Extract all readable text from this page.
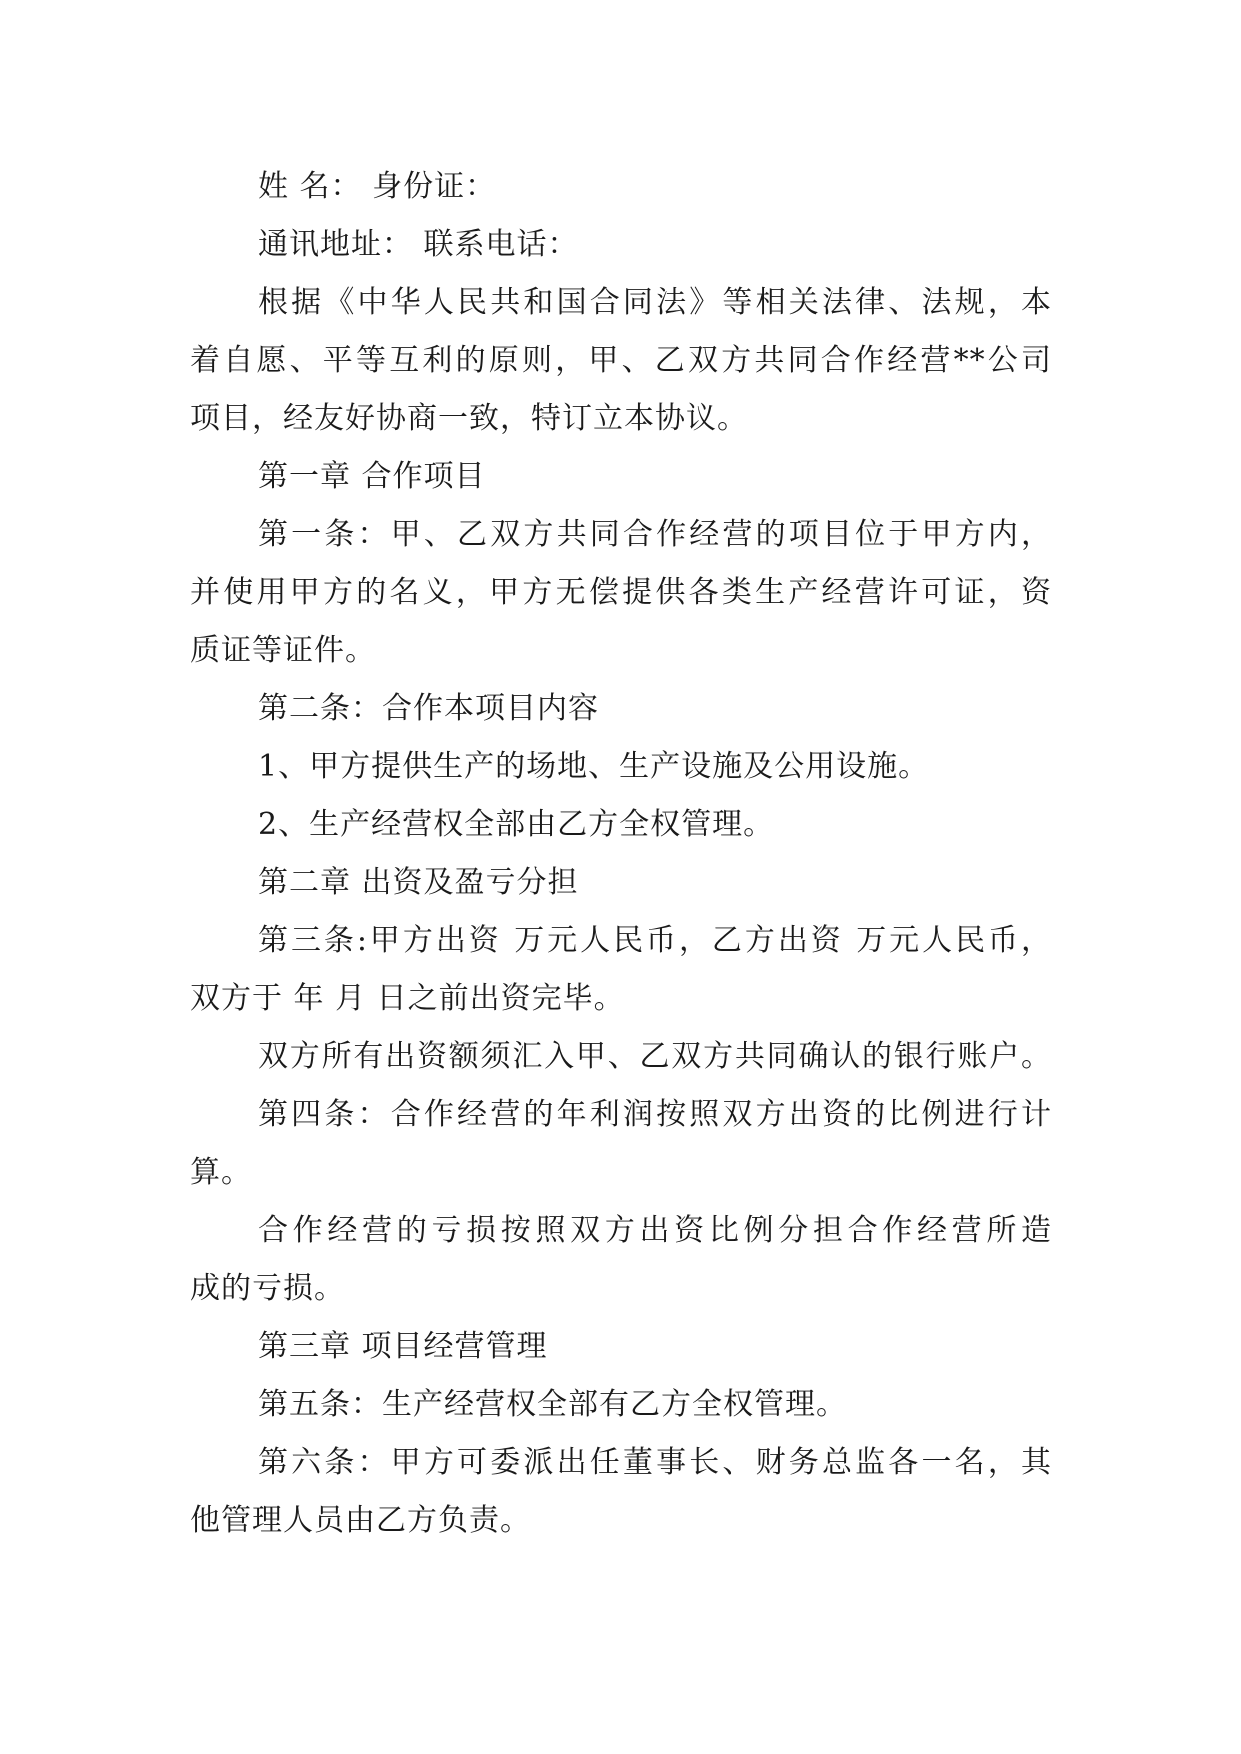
姓 名： 身份证：
通讯地址： 联系电话：
根据《中华人民共和国合同法》等相关法律、法规，本
着自愿、平等互利的原则，甲、乙双方共同合作经营**公司
项目，经友好协商一致，特订立本协议。
第一章 合作项目
第一条：甲、乙双方共同合作经营的项目位于甲方内，
并使用甲方的名义，甲方无偿提供各类生产经营许可证，资
质证等证件。
第二条：合作本项目内容
1、甲方提供生产的场地、生产设施及公用设施。
2、生产经营权全部由乙方全权管理。
第二章 出资及盈亏分担
第三条:甲方出资 万元人民币，乙方出资 万元人民币，
双方于 年 月 日之前出资完毕。
双方所有出资额须汇入甲、乙双方共同确认的银行账户。
第四条：合作经营的年利润按照双方出资的比例进行计
算。
合作经营的亏损按照双方出资比例分担合作经营所造
成的亏损。
第三章 项目经营管理
第五条：生产经营权全部有乙方全权管理。
第六条：甲方可委派出任董事长、财务总监各一名，其
他管理人员由乙方负责。
